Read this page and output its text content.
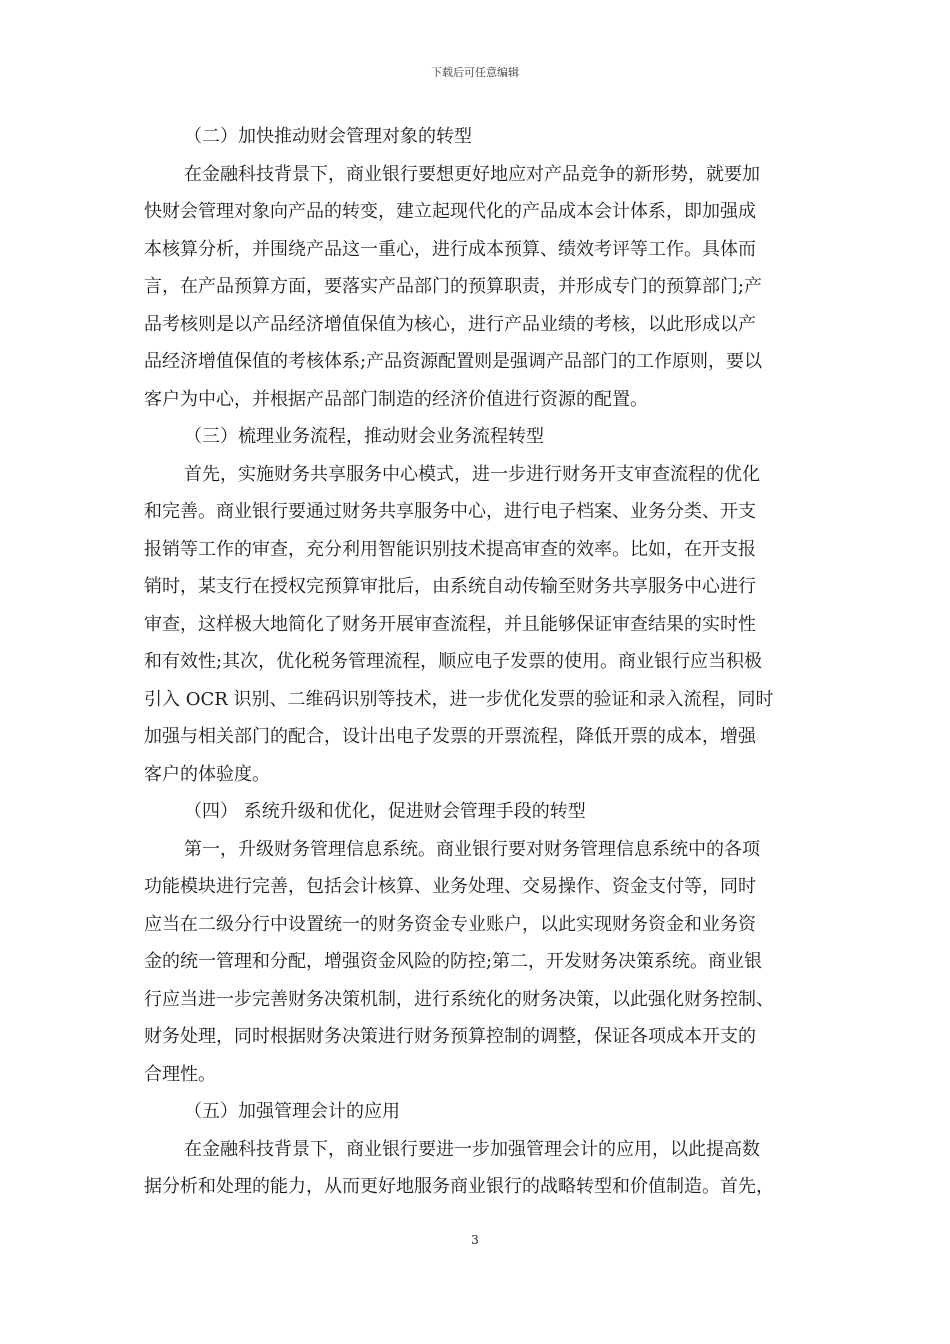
下载后可任意编辑
（二）加快推动财会管理对象的转型
在金融科技背景下，商业银行要想更好地应对产品竞争的新形势，就要加
快财会管理对象向产品的转变，建立起现代化的产品成本会计体系，即加强成
本核算分析，并围绕产品这一重心，进行成本预算、绩效考评等工作。具体而
言，在产品预算方面，要落实产品部门的预算职责，并形成专门的预算部门;产
品考核则是以产品经济增值保值为核心，进行产品业绩的考核，以此形成以产
品经济增值保值的考核体系;产品资源配置则是强调产品部门的工作原则，要以
客户为中心，并根据产品部门制造的经济价值进行资源的配置。
（三）梳理业务流程，推动财会业务流程转型
首先，实施财务共享服务中心模式，进一步进行财务开支审查流程的优化
和完善。商业银行要通过财务共享服务中心，进行电子档案、业务分类、开支
报销等工作的审查，充分利用智能识别技术提高审查的效率。比如，在开支报
销时，某支行在授权完预算审批后，由系统自动传输至财务共享服务中心进行
审查，这样极大地简化了财务开展审查流程，并且能够保证审查结果的实时性
和有效性;其次，优化税务管理流程，顺应电子发票的使用。商业银行应当积极
引入 OCR 识别、二维码识别等技术，进一步优化发票的验证和录入流程，同时
加强与相关部门的配合，设计出电子发票的开票流程，降低开票的成本，增强
客户的体验度。
（四） 系统升级和优化，促进财会管理手段的转型
第一，升级财务管理信息系统。商业银行要对财务管理信息系统中的各项
功能模块进行完善，包括会计核算、业务处理、交易操作、资金支付等，同时
应当在二级分行中设置统一的财务资金专业账户，以此实现财务资金和业务资
金的统一管理和分配，增强资金风险的防控;第二，开发财务决策系统。商业银
行应当进一步完善财务决策机制，进行系统化的财务决策，以此强化财务控制、
财务处理，同时根据财务决策进行财务预算控制的调整，保证各项成本开支的
合理性。
（五）加强管理会计的应用
在金融科技背景下，商业银行要进一步加强管理会计的应用，以此提高数
据分析和处理的能力，从而更好地服务商业银行的战略转型和价值制造。首先，
3
